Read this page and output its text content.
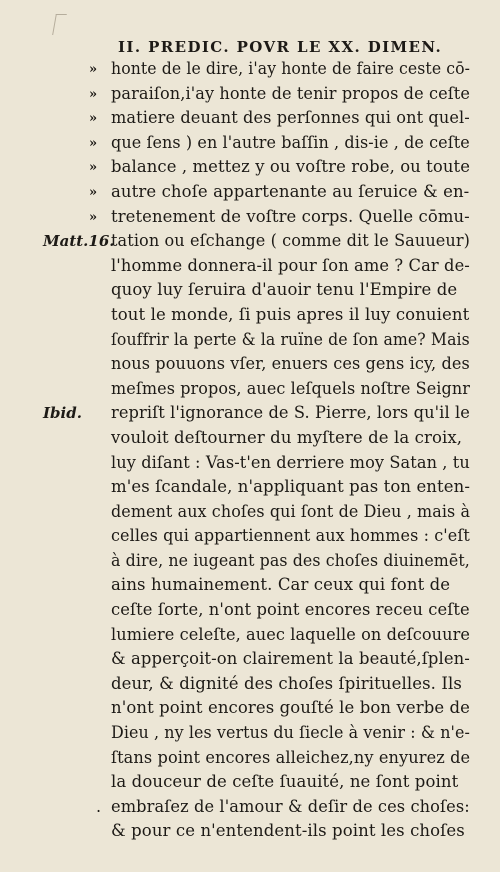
II. PREDIC. POVR LE XX. DIMEN.
» honte de le dire, i'ay honte de faire ceste cō-
» paraiſon,i'ay honte de tenir propos de ceſte
» matiere deuant des perſonnes qui ont quel-
» que ſens ) en l'autre baſſin , dis-ie , de ceſte
» balance , mettez y ou voſtre robe, ou toute
» autre choſe appartenante au ſeruice & en-
» tretenement de voſtre corps. Quelle cōmu-
Matt.16.
tation ou eſchange ( comme dit le Sauueur)
l'homme donnera-il pour ſon ame ? Car de-
quoy luy ſeruira d'auoir tenu l'Empire de
tout le monde, ſi puis apres il luy conuient
ſouffrir la perte & la ruïne de ſon ame? Mais
nous pouuons vſer, enuers ces gens icy, des
meſmes propos, auec leſquels noſtre Seignr
Ibid. repriſt l'ignorance de S. Pierre, lors qu'il le
vouloit deſtourner du myſtere de la croix,
luy diſant : Vas-t'en derriere moy Satan , tu
m'es ſcandale, n'appliquant pas ton enten-
dement aux choſes qui ſont de Dieu , mais à
celles qui appartiennent aux hommes : c'eſt
à dire, ne iugeant pas des choſes diuinemēt,
ains humainement. Car ceux qui font de
ceſte ſorte, n'ont point encores receu ceſte
lumiere celeſte, auec laquelle on deſcouure
& apperçoit-on clairement la beauté,ſplen-
deur, & dignité des choſes ſpirituelles. Ils
n'ont point encores gouſté le bon verbe de
Dieu , ny les vertus du ſiecle à venir : & n'e-
ſtans point encores alleichez,ny enyurez de
la douceur de ceſte ſuauité, ne ſont point
. embraſez de l'amour & deſir de ces choſes:
& pour ce n'entendent-ils point les choſes
